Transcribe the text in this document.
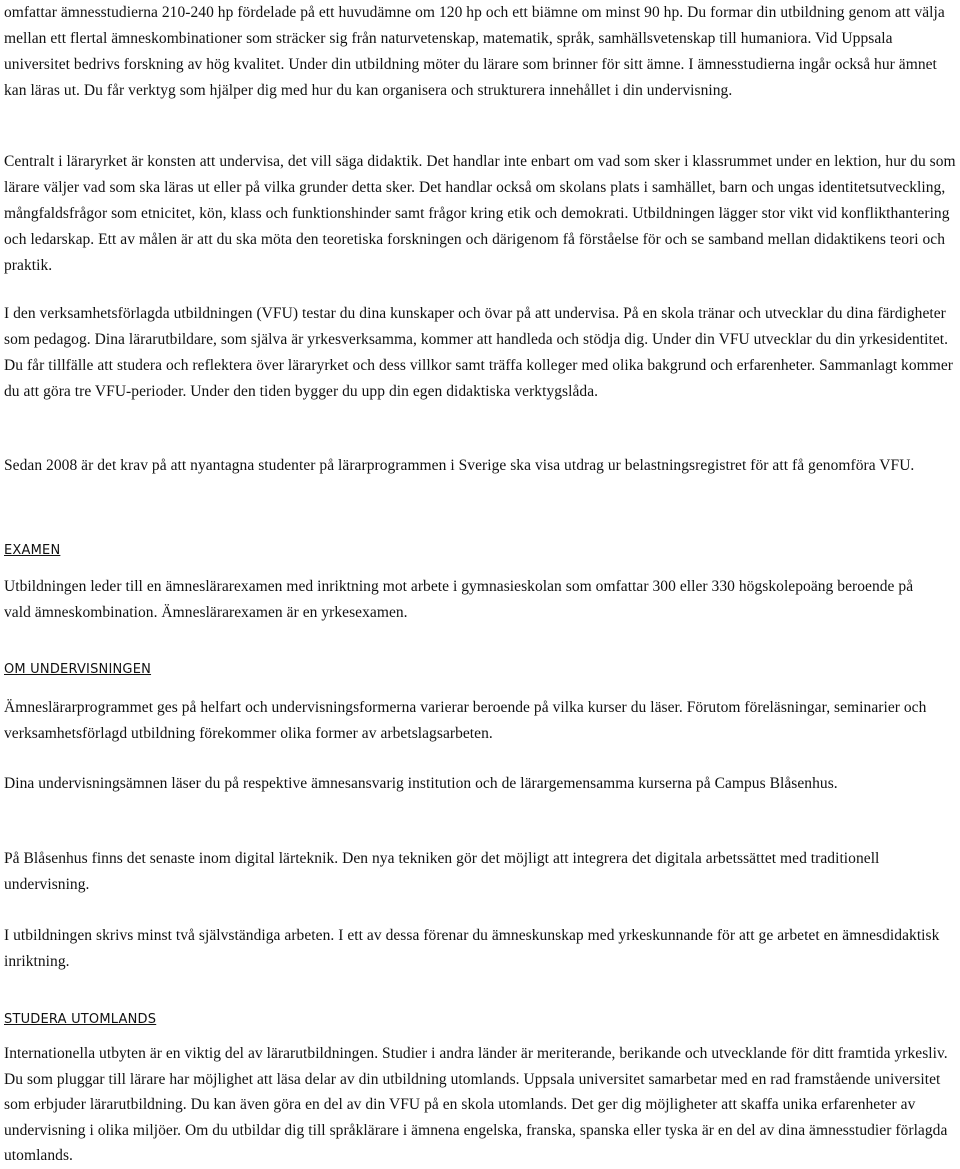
omfattar ämnesstudierna 210-240 hp fördelade på ett huvudämne om 120 hp och ett biämne om minst 90 hp. Du formar din utbildning genom att välja mellan ett flertal ämneskombinationer som sträcker sig från naturvetenskap, matematik, språk, samhällsvetenskap till humaniora. Vid Uppsala universitet bedrivs forskning av hög kvalitet. Under din utbildning möter du lärare som brinner för sitt ämne. I ämnesstudierna ingår också hur ämnet kan läras ut. Du får verktyg som hjälper dig med hur du kan organisera och strukturera innehållet i din undervisning.

Centralt i läraryrket är konsten att undervisa, det vill säga didaktik. Det handlar inte enbart om vad som sker i klassrummet under en lektion, hur du som lärare väljer vad som ska läras ut eller på vilka grunder detta sker. Det handlar också om skolans plats i samhället, barn och ungas identitetsutveckling, mångfaldsfrågor som etnicitet, kön, klass och funktionshinder samt frågor kring etik och demokrati. Utbildningen lägger stor vikt vid konflikthantering och ledarskap. Ett av målen är att du ska möta den teoretiska forskningen och därigenom få förståelse för och se samband mellan didaktikens teori och praktik.

I den verksamhetsförlagda utbildningen (VFU) testar du dina kunskaper och övar på att undervisa. På en skola tränar och utvecklar du dina färdigheter som pedagog. Dina lärarutbildare, som själva är yrkesverksamma, kommer att handleda och stödja dig. Under din VFU utvecklar du din yrkesidentitet. Du får tillfälle att studera och reflektera över läraryrket och dess villkor samt träffa kolleger med olika bakgrund och erfarenheter. Sammanlagt kommer du att göra tre VFU-perioder. Under den tiden bygger du upp din egen didaktiska verktygslåda.

Sedan 2008 är det krav på att nyantagna studenter på lärarprogrammen i Sverige ska visa utdrag ur belastningsregistret för att få genomföra VFU.

EXAMEN

Utbildningen leder till en ämneslärarexamen med inriktning mot arbete i gymnasieskolan som omfattar 300 eller 330 högskolepoäng beroende på vald ämneskombination. Ämneslärarexamen är en yrkesexamen.

OM UNDERVISNINGEN

Ämneslärarprogrammet ges på helfart och undervisningsformerna varierar beroende på vilka kurser du läser. Förutom föreläsningar, seminarier och verksamhetsförlagd utbildning förekommer olika former av arbetslagsarbeten.

Dina undervisningsämnen läser du på respektive ämnesansvarig institution och de lärargemensamma kurserna på Campus Blåsenhus.

På Blåsenhus finns det senaste inom digital lärteknik. Den nya tekniken gör det möjligt att integrera det digitala arbetssättet med traditionell undervisning.

I utbildningen skrivs minst två självständiga arbeten. I ett av dessa förenar du ämneskunskap med yrkeskunnande för att ge arbetet en ämnesdidaktisk inriktning.

STUDERA UTOMLANDS

Internationella utbyten är en viktig del av lärarutbildningen. Studier i andra länder är meriterande, berikande och utvecklande för ditt framtida yrkesliv. Du som pluggar till lärare har möjlighet att läsa delar av din utbildning utomlands. Uppsala universitet samarbetar med en rad framstående universitet som erbjuder lärarutbildning. Du kan även göra en del av din VFU på en skola utomlands. Det ger dig möjligheter att skaffa unika erfarenheter av undervisning i olika miljöer. Om du utbildar dig till språklärare i ämnena engelska, franska, spanska eller tyska är en del av dina ämnesstudier förlagda utomlands.
